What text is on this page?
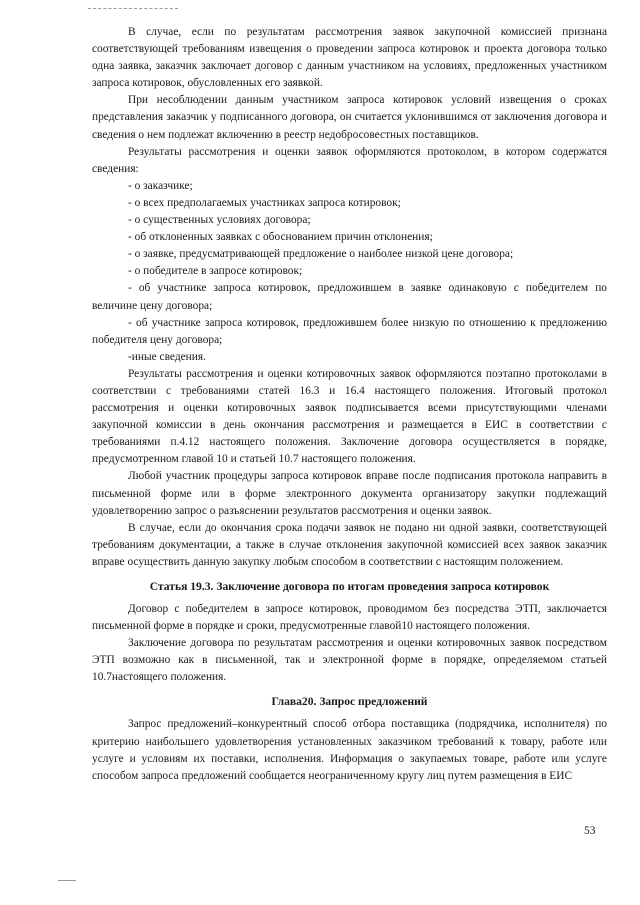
В случае, если по результатам рассмотрения заявок закупочной комиссией признана соответствующей требованиям извещения о проведении запроса котировок и проекта договора только одна заявка, заказчик заключает договор с данным участником на условиях, предложенных участником запроса котировок, обусловленных его заявкой.

При несоблюдении данным участником запроса котировок условий извещения о сроках представления заказчик у подписанного договора, он считается уклонившимся от заключения договора и сведения о нем подлежат включению в реестр недобросовестных поставщиков.

Результаты рассмотрения и оценки заявок оформляются протоколом, в котором содержатся сведения:

- о заказчике;

- о всех предполагаемых участниках запроса котировок;

- о существенных условиях договора;

- об отклоненных заявках с обоснованием причин отклонения;

- о заявке, предусматривающей предложение о наиболее низкой цене договора;

- о победителе в запросе котировок;

- об участнике запроса котировок, предложившем в заявке одинаковую с победителем по величине цену договора;

- об участнике запроса котировок, предложившем более низкую по отношению к предложению победителя цену договора;

-иные сведения.

Результаты рассмотрения и оценки котировочных заявок оформляются поэтапно протоколами в соответствии с требованиями статей 16.3 и 16.4 настоящего положения. Итоговый протокол рассмотрения и оценки котировочных заявок подписывается всеми присутствующими членами закупочной комиссии в день окончания рассмотрения и размещается в ЕИС в соответствии с требованиями п.4.12 настоящего положения. Заключение договора осуществляется в порядке, предусмотренном главой 10 и статьей 10.7 настоящего положения.

Любой участник процедуры запроса котировок вправе после подписания протокола направить в письменной форме или в форме электронного документа организатору закупки подлежащий удовлетворению запрос о разъяснении результатов рассмотрения и оценки заявок.

В случае, если до окончания срока подачи заявок не подано ни одной заявки, соответствующей требованиям документации, а также в случае отклонения закупочной комиссией всех заявок заказчик вправе осуществить данную закупку любым способом в соответствии с настоящим положением.

Статья 19.3. Заключение договора по итогам проведения запроса котировок

Договор с победителем в запросе котировок, проводимом без посредства ЭТП, заключается письменной форме в порядке и сроки, предусмотренные главой10 настоящего положения.

Заключение договора по результатам рассмотрения и оценки котировочных заявок посредством ЭТП возможно как в письменной, так и электронной форме в порядке, определяемом статьей 10.7настоящего положения.

Глава20. Запрос предложений

Запрос предложений–конкурентный способ отбора поставщика (подрядчика, исполнителя) по критерию наибольшего удовлетворения установленных заказчиком требований к товару, работе или услуге и условиям их поставки, исполнения. Информация о закупаемых товаре, работе или услуге способом запроса предложений сообщается неограниченному кругу лиц путем размещения в ЕИС

53
